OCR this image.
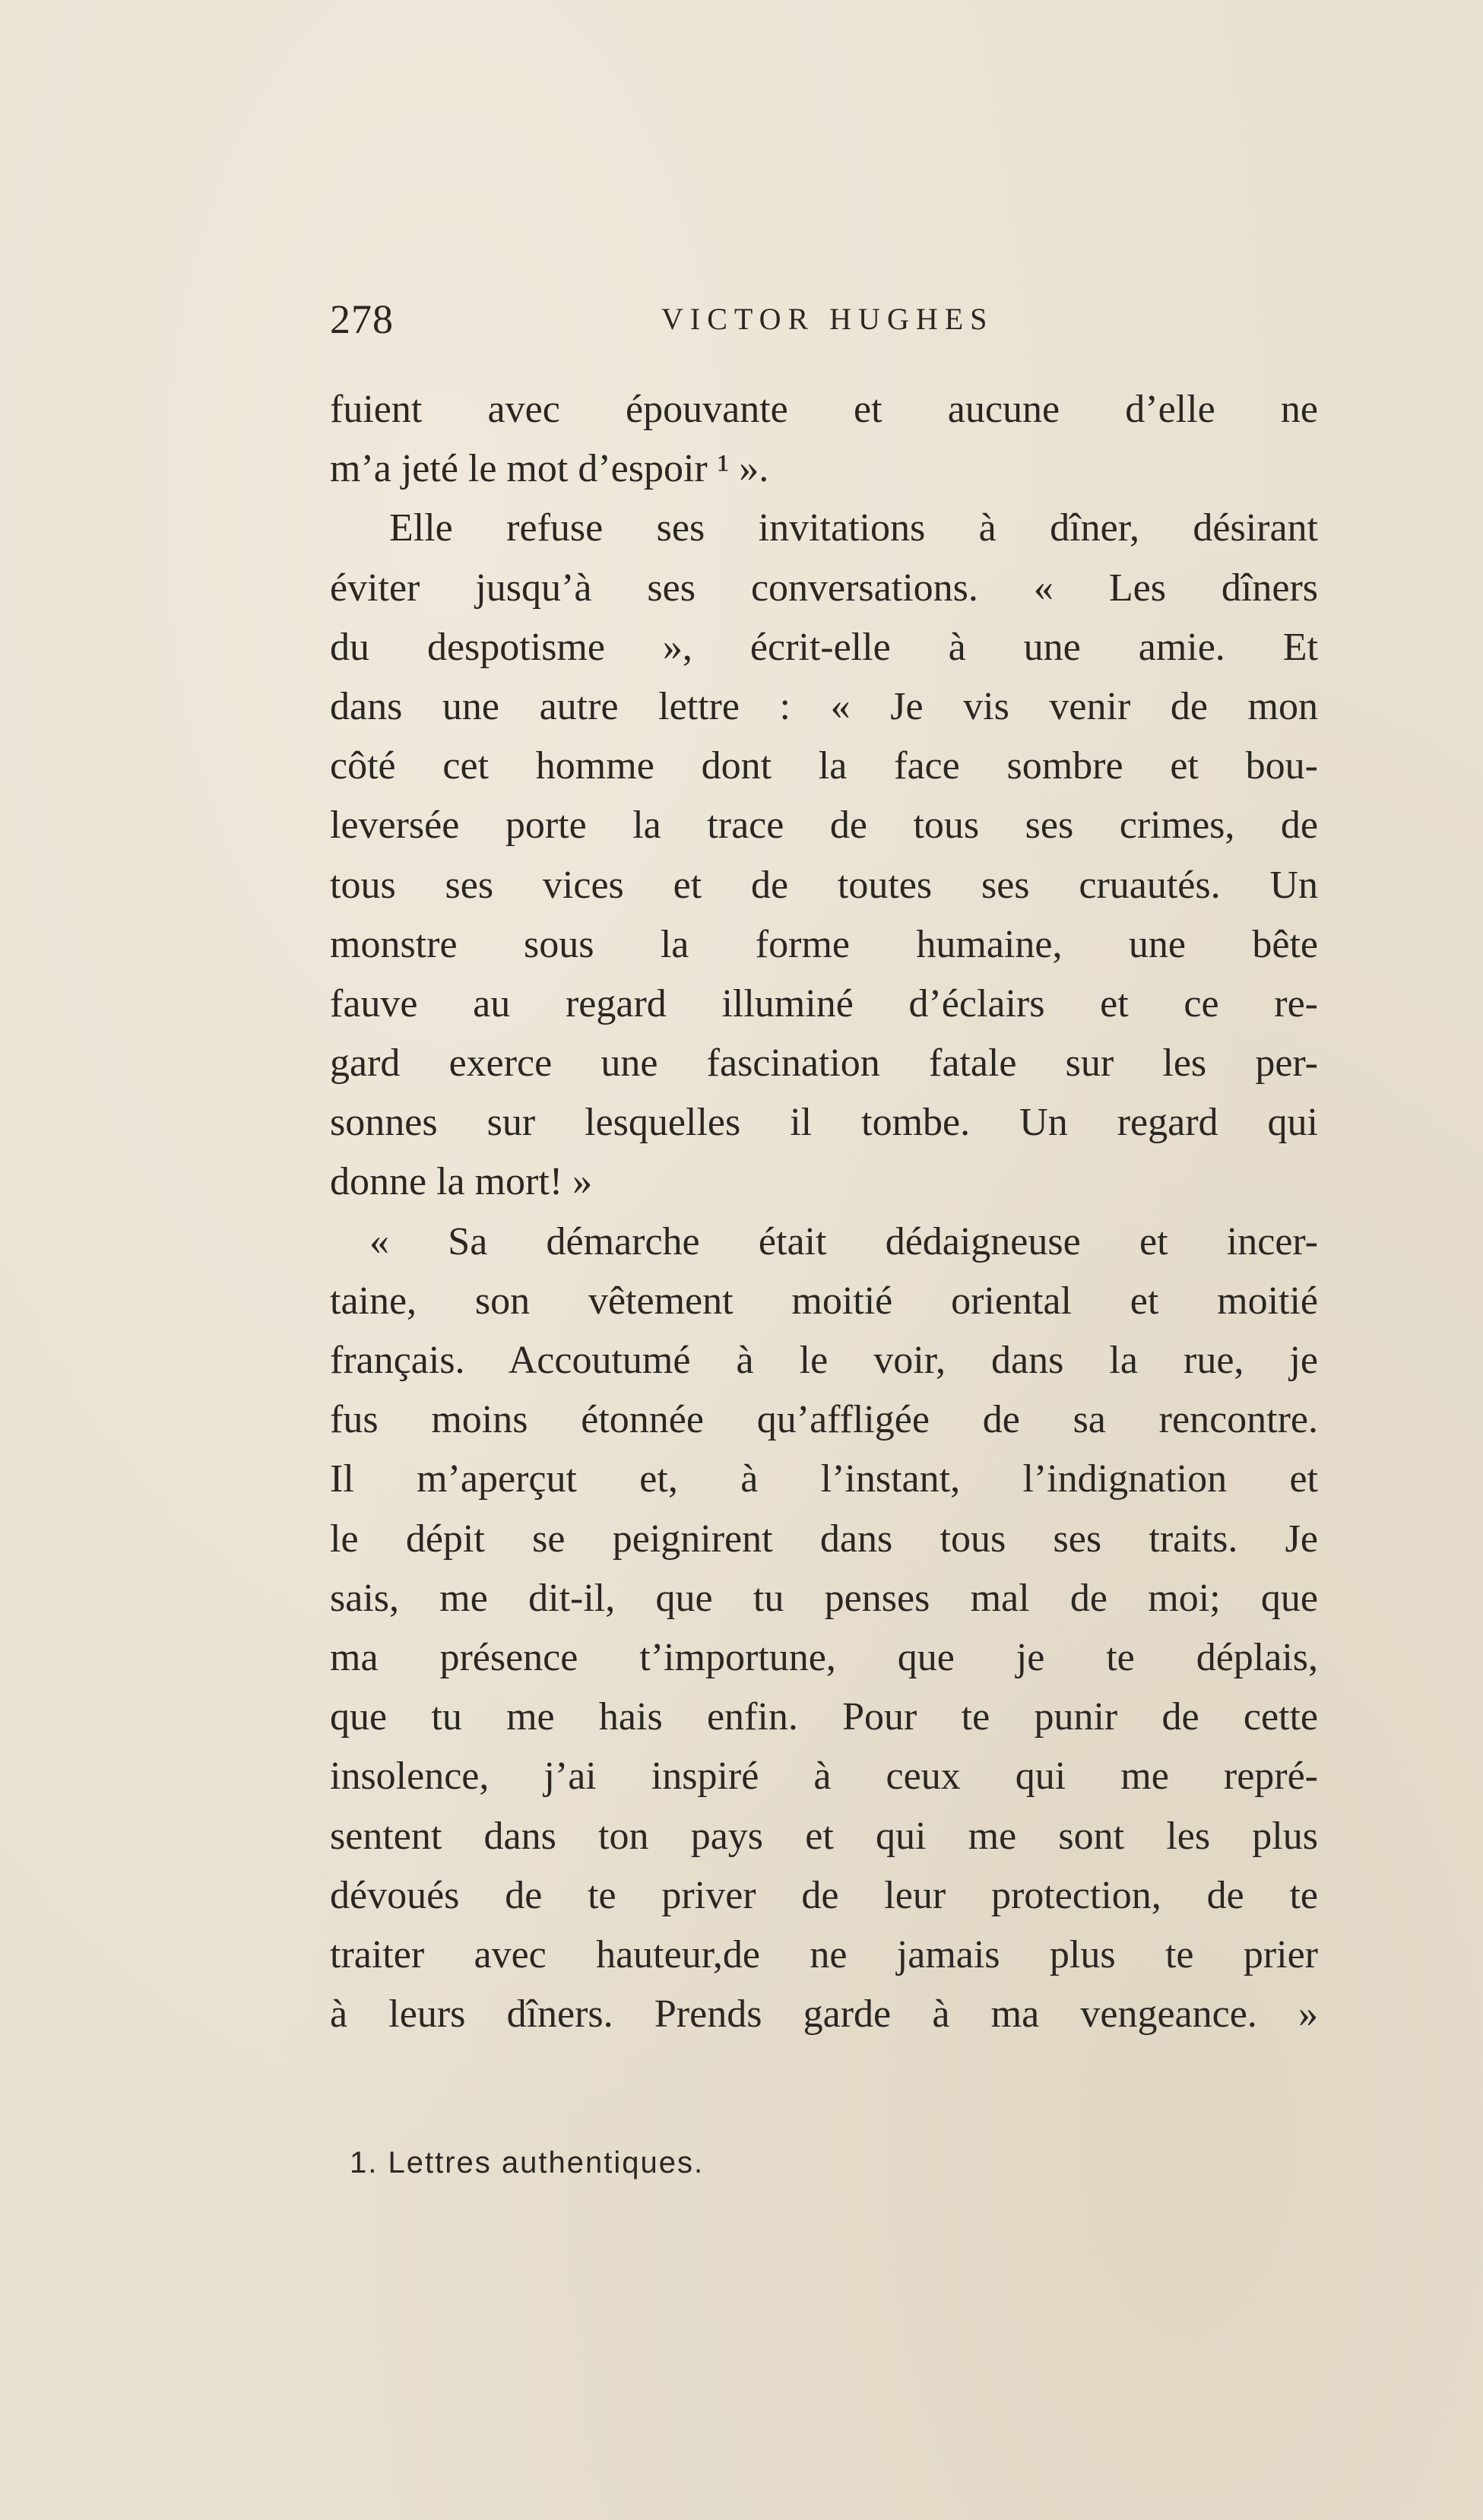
278	VICTOR HUGHES
fuient avec épouvante et aucune d’elle ne
m’a jeté le mot d’espoir ¹ ».
Elle refuse ses invitations à dîner, désirant
éviter jusqu’à ses conversations. « Les dîners
du despotisme », écrit-elle à une amie. Et
dans une autre lettre : « Je vis venir de mon
côté cet homme dont la face sombre et bou-
leversée porte la trace de tous ses crimes, de
tous ses vices et de toutes ses cruautés. Un
monstre sous la forme humaine, une bête
fauve au regard illuminé d’éclairs et ce re-
gard exerce une fascination fatale sur les per-
sonnes sur lesquelles il tombe. Un regard qui
donne la mort! »
« Sa démarche était dédaigneuse et incer-
taine, son vêtement moitié oriental et moitié
français. Accoutumé à le voir, dans la rue, je
fus moins étonnée qu’affligée de sa rencontre.
Il m’aperçut et, à l’instant, l’indignation et
le dépit se peignirent dans tous ses traits. Je
sais, me dit-il, que tu penses mal de moi; que
ma présence t’importune, que je te déplais,
que tu me hais enfin. Pour te punir de cette
insolence, j’ai inspiré à ceux qui me repré-
sentent dans ton pays et qui me sont les plus
dévoués de te priver de leur protection, de te
traiter avec hauteur,de ne jamais plus te prier
à leurs dîners. Prends garde à ma vengeance. »
1. Lettres authentiques.
